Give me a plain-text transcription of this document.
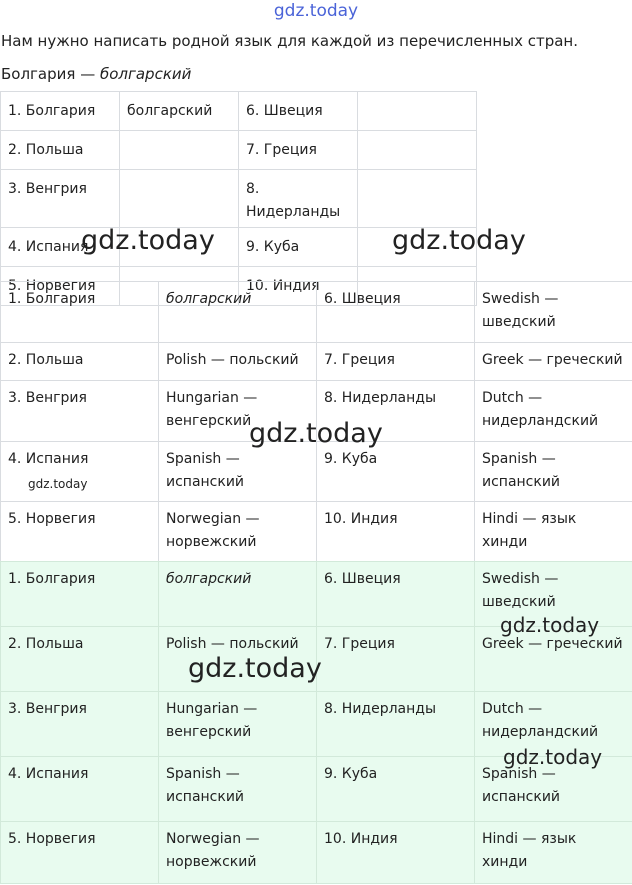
gdz.today
Нам нужно написать родной язык для каждой из перечисленных стран.
Болгария — болгарский
1. Болгария	болгарский	6. Швеция	
2. Польша		7. Греция	
3. Венгрия		8. Нидерланды	
4. Испания		9. Куба	
5. Норвегия		10. Индия	
1. Болгария	болгарский	6. Швеция	Swedish — шведский
2. Польша	Polish — польский	7. Греция	Greek — греческий
3. Венгрия	Hungarian — венгерский	8. Нидерланды	Dutch — нидерландский
4. Испания	Spanish — испанский	9. Куба	Spanish — испанский
5. Норвегия	Norwegian — норвежский	10. Индия	Hindi — язык хинди
1. Болгария	болгарский	6. Швеция	Swedish — шведский
2. Польша	Polish — польский	7. Греция	Greek — греческий
3. Венгрия	Hungarian — венгерский	8. Нидерланды	Dutch — нидерландский
4. Испания	Spanish — испанский	9. Куба	Spanish — испанский
5. Норвегия	Norwegian — норвежский	10. Индия	Hindi — язык хинди
gdz.today	gdz.today
gdz.today
gdz.today
gdz.today
gdz.today
gdz.today
